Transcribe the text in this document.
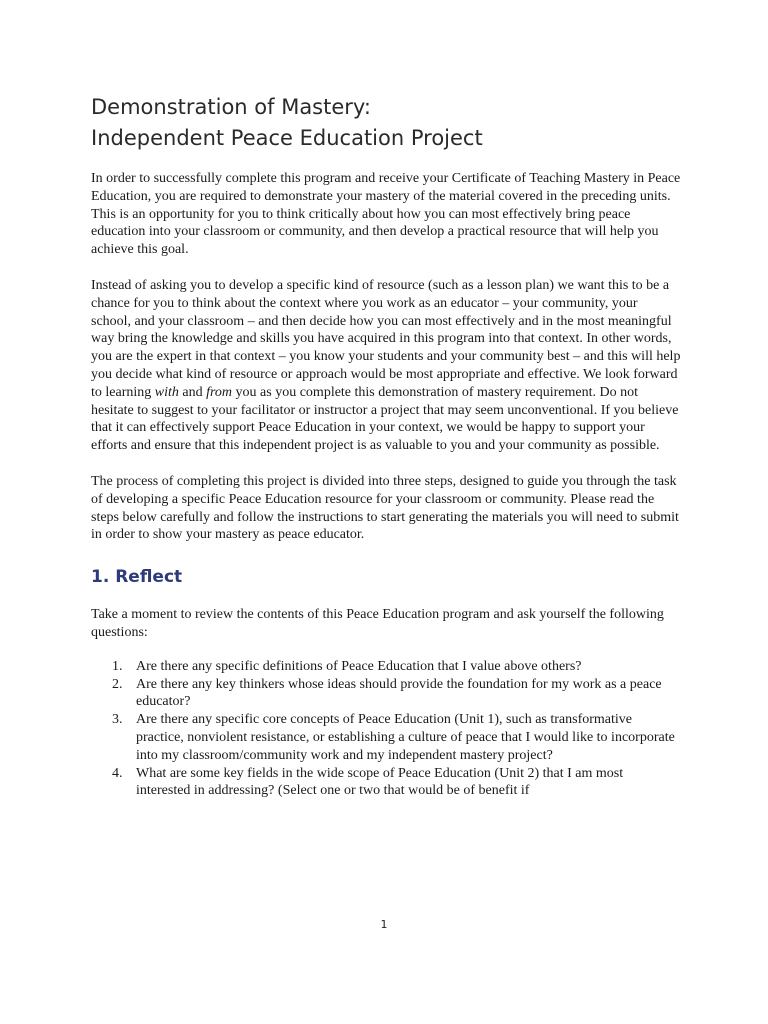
Demonstration of Mastery:
Independent Peace Education Project

In order to successfully complete this program and receive your Certificate of Teaching Mastery in Peace Education, you are required to demonstrate your mastery of the material covered in the preceding units. This is an opportunity for you to think critically about how you can most effectively bring peace education into your classroom or community, and then develop a practical resource that will help you achieve this goal.

Instead of asking you to develop a specific kind of resource (such as a lesson plan) we want this to be a chance for you to think about the context where you work as an educator – your community, your school, and your classroom – and then decide how you can most effectively and in the most meaningful way bring the knowledge and skills you have acquired in this program into that context. In other words, you are the expert in that context – you know your students and your community best – and this will help you decide what kind of resource or approach would be most appropriate and effective. We look forward to learning with and from you as you complete this demonstration of mastery requirement. Do not hesitate to suggest to your facilitator or instructor a project that may seem unconventional. If you believe that it can effectively support Peace Education in your context, we would be happy to support your efforts and ensure that this independent project is as valuable to you and your community as possible.

The process of completing this project is divided into three steps, designed to guide you through the task of developing a specific Peace Education resource for your classroom or community. Please read the steps below carefully and follow the instructions to start generating the materials you will need to submit in order to show your mastery as peace educator.

1. Reflect

Take a moment to review the contents of this Peace Education program and ask yourself the following questions:

1. Are there any specific definitions of Peace Education that I value above others?
2. Are there any key thinkers whose ideas should provide the foundation for my work as a peace educator?
3. Are there any specific core concepts of Peace Education (Unit 1), such as transformative practice, nonviolent resistance, or establishing a culture of peace that I would like to incorporate into my classroom/community work and my independent mastery project?
4. What are some key fields in the wide scope of Peace Education (Unit 2) that I am most interested in addressing? (Select one or two that would be of benefit if
1
